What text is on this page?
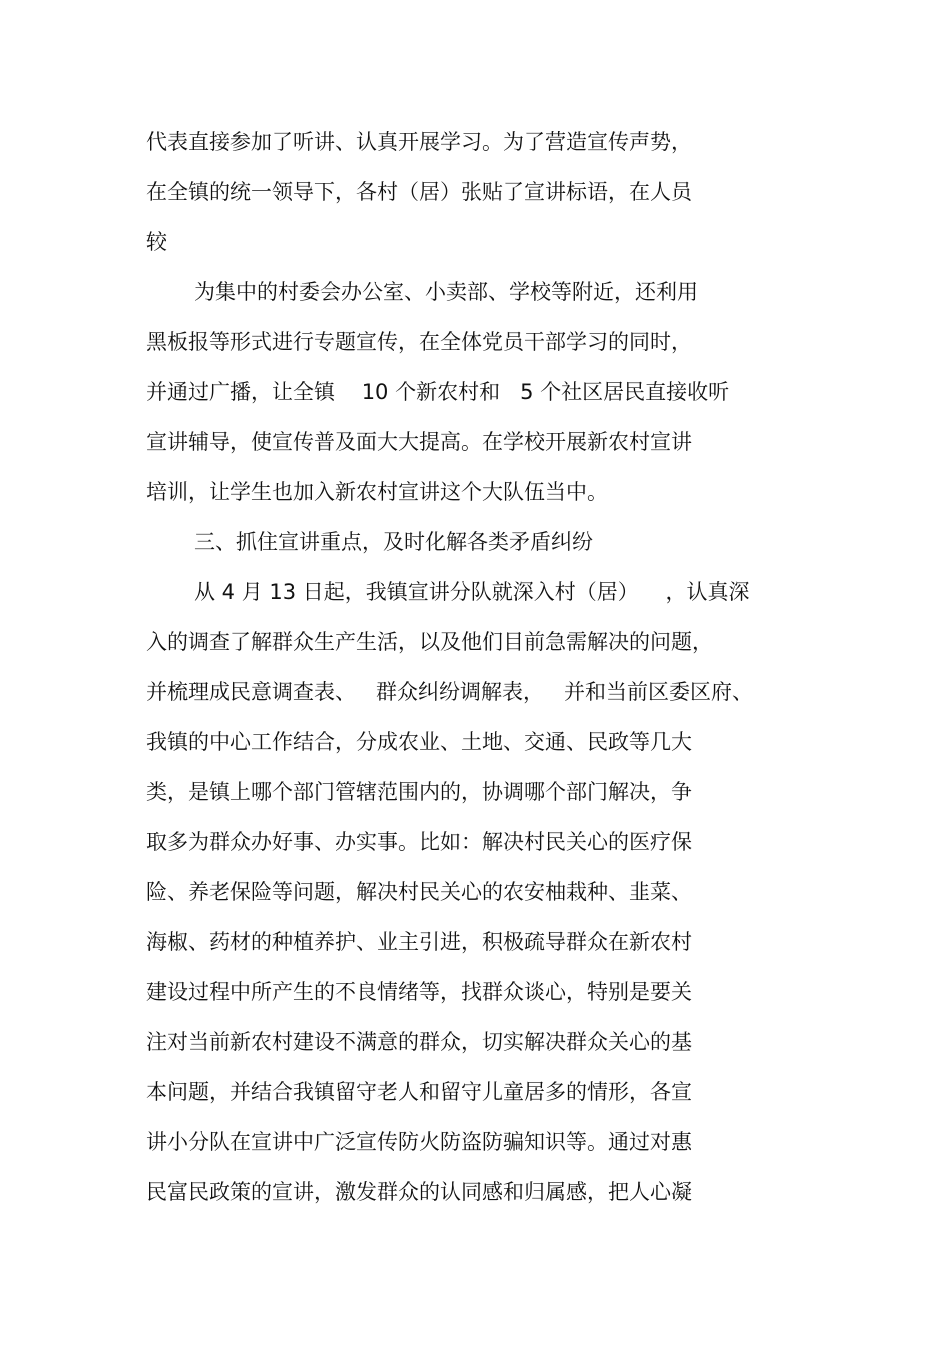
代表直接参加了听讲、认真开展学习。为了营造宣传声势，
在全镇的统一领导下，各村（居）张贴了宣讲标语，在人员
较
为集中的村委会办公室、小卖部、学校等附近，还利用
黑板报等形式进行专题宣传，在全体党员干部学习的同时，
并通过广播，让全镇    10 个新农村和   5 个社区居民直接收听
宣讲辅导，使宣传普及面大大提高。在学校开展新农村宣讲
培训，让学生也加入新农村宣讲这个大队伍当中。
三、抓住宣讲重点，及时化解各类矛盾纠纷
从 4 月 13 日起，我镇宣讲分队就深入村（居）    ，认真深
入的调查了解群众生产生活，以及他们目前急需解决的问题，
并梳理成民意调查表、   群众纠纷调解表，   并和当前区委区府、
我镇的中心工作结合，分成农业、土地、交通、民政等几大
类，是镇上哪个部门管辖范围内的，协调哪个部门解决，争
取多为群众办好事、办实事。比如：解决村民关心的医疗保
险、养老保险等问题，解决村民关心的农安柚栽种、韭菜、
海椒、药材的种植养护、业主引进，积极疏导群众在新农村
建设过程中所产生的不良情绪等，找群众谈心，特别是要关
注对当前新农村建设不满意的群众，切实解决群众关心的基
本问题，并结合我镇留守老人和留守儿童居多的情形，各宣
讲小分队在宣讲中广泛宣传防火防盗防骗知识等。通过对惠
民富民政策的宣讲，激发群众的认同感和归属感，把人心凝
